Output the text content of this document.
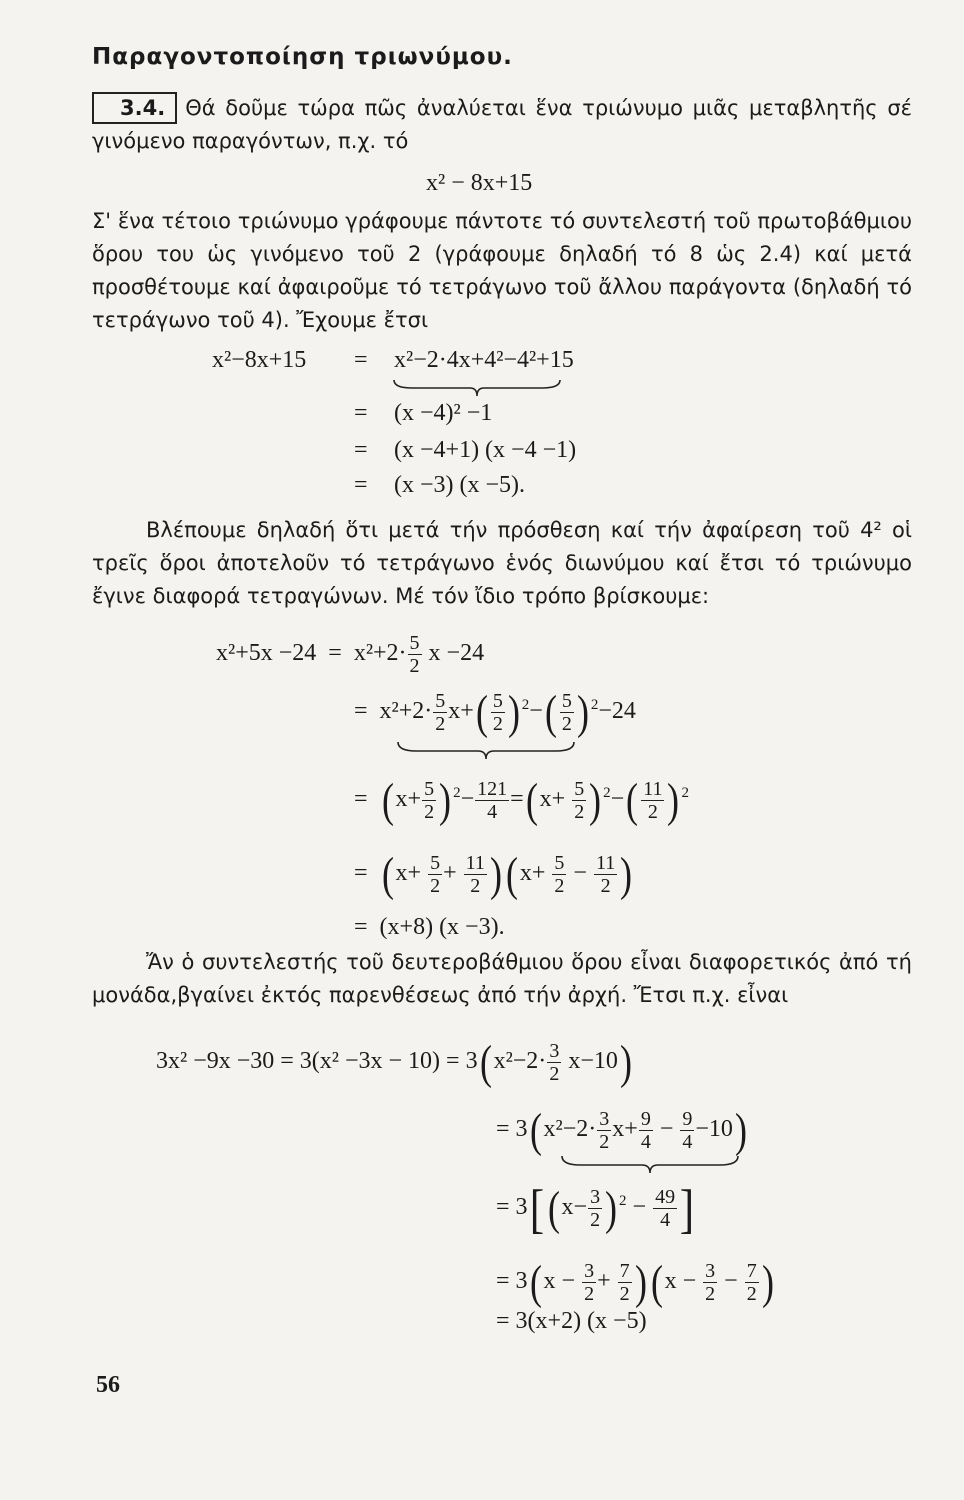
Παραγοντοποίηση τριωνύμου.
3.4. Θά δοῦμε τώρα πῶς ἀναλύεται ἕνα τριώνυμο μιᾶς μεταβλητῆς σέ γινόμενο παραγόντων, π.χ. τό
x² − 8x+15
Σ' ἕνα τέτοιο τριώνυμο γράφουμε πάντοτε τό συντελεστή τοῦ πρωτοβάθμιου ὅρου του ὡς γινόμενο τοῦ 2 (γράφουμε δηλαδή τό 8 ὡς 2.4) καί μετά προσθέτουμε καί ἀφαιροῦμε τό τετράγωνο τοῦ ἄλλου παράγοντα (δηλαδή τό τετράγωνο τοῦ 4). Ἔχουμε ἔτσι
x²−8x+15 = x²−2·4x+4²−4²+15
= (x −4)² −1
= (x −4+1) (x −4 −1)
= (x −3) (x −5).
Βλέπουμε δηλαδή ὅτι μετά τήν πρόσθεση καί τήν ἀφαίρεση τοῦ 4² οἱ τρεῖς ὅροι ἀποτελοῦν τό τετράγωνο ἑνός διωνύμου καί ἔτσι τό τριώνυμο ἔγινε διαφορά τετραγώνων. Μέ τόν ἴδιο τρόπο βρίσκουμε:
$x^2+5x -24 = x^2+2\cdot \frac{5}{2}$ x −24
= $x^2+2\cdot \frac{5}{2} x+( \frac{5}{2}$ ) $^2-( \frac{5}{2}$ ) $^2$−24
= ($x+ \frac{5}{2}$ ) $^2- \frac{121}{4} =(x+ \frac{5}{2}$ ) $^2-( \frac{11}{2}$ ) $^2$
= $(x+ \frac{5}{2} + \frac{11}{2} )(x+ \frac{5}{2} - \frac{11}{2}$ )
= (x+8) (x −3).
Ἄν ὁ συντελεστής τοῦ δευτεροβάθμιου ὅρου εἶναι διαφορετικός ἀπό τή μονάδα,βγαίνει ἐκτός παρενθέσεως ἀπό τήν ἀρχή. Ἔτσι π.χ. εἶναι
$3x^2 -9x -30 = 3(x^2 -3x - 10) = 3(x^2-2\cdot \frac{3}{2} x-10)$
= $3(x^2-2\cdot \frac{3}{2} x+ \frac{9}{4} - \frac{9}{4} -10)$
= $3[(x- \frac{3}{2}$ ) $^2 - \frac{49}{4}$ ]
= $3(x - \frac{3}{2} + \frac{7}{2} )(x - \frac{3}{2} - \frac{7}{2}$ )
= 3(x+2) (x −5)
56
